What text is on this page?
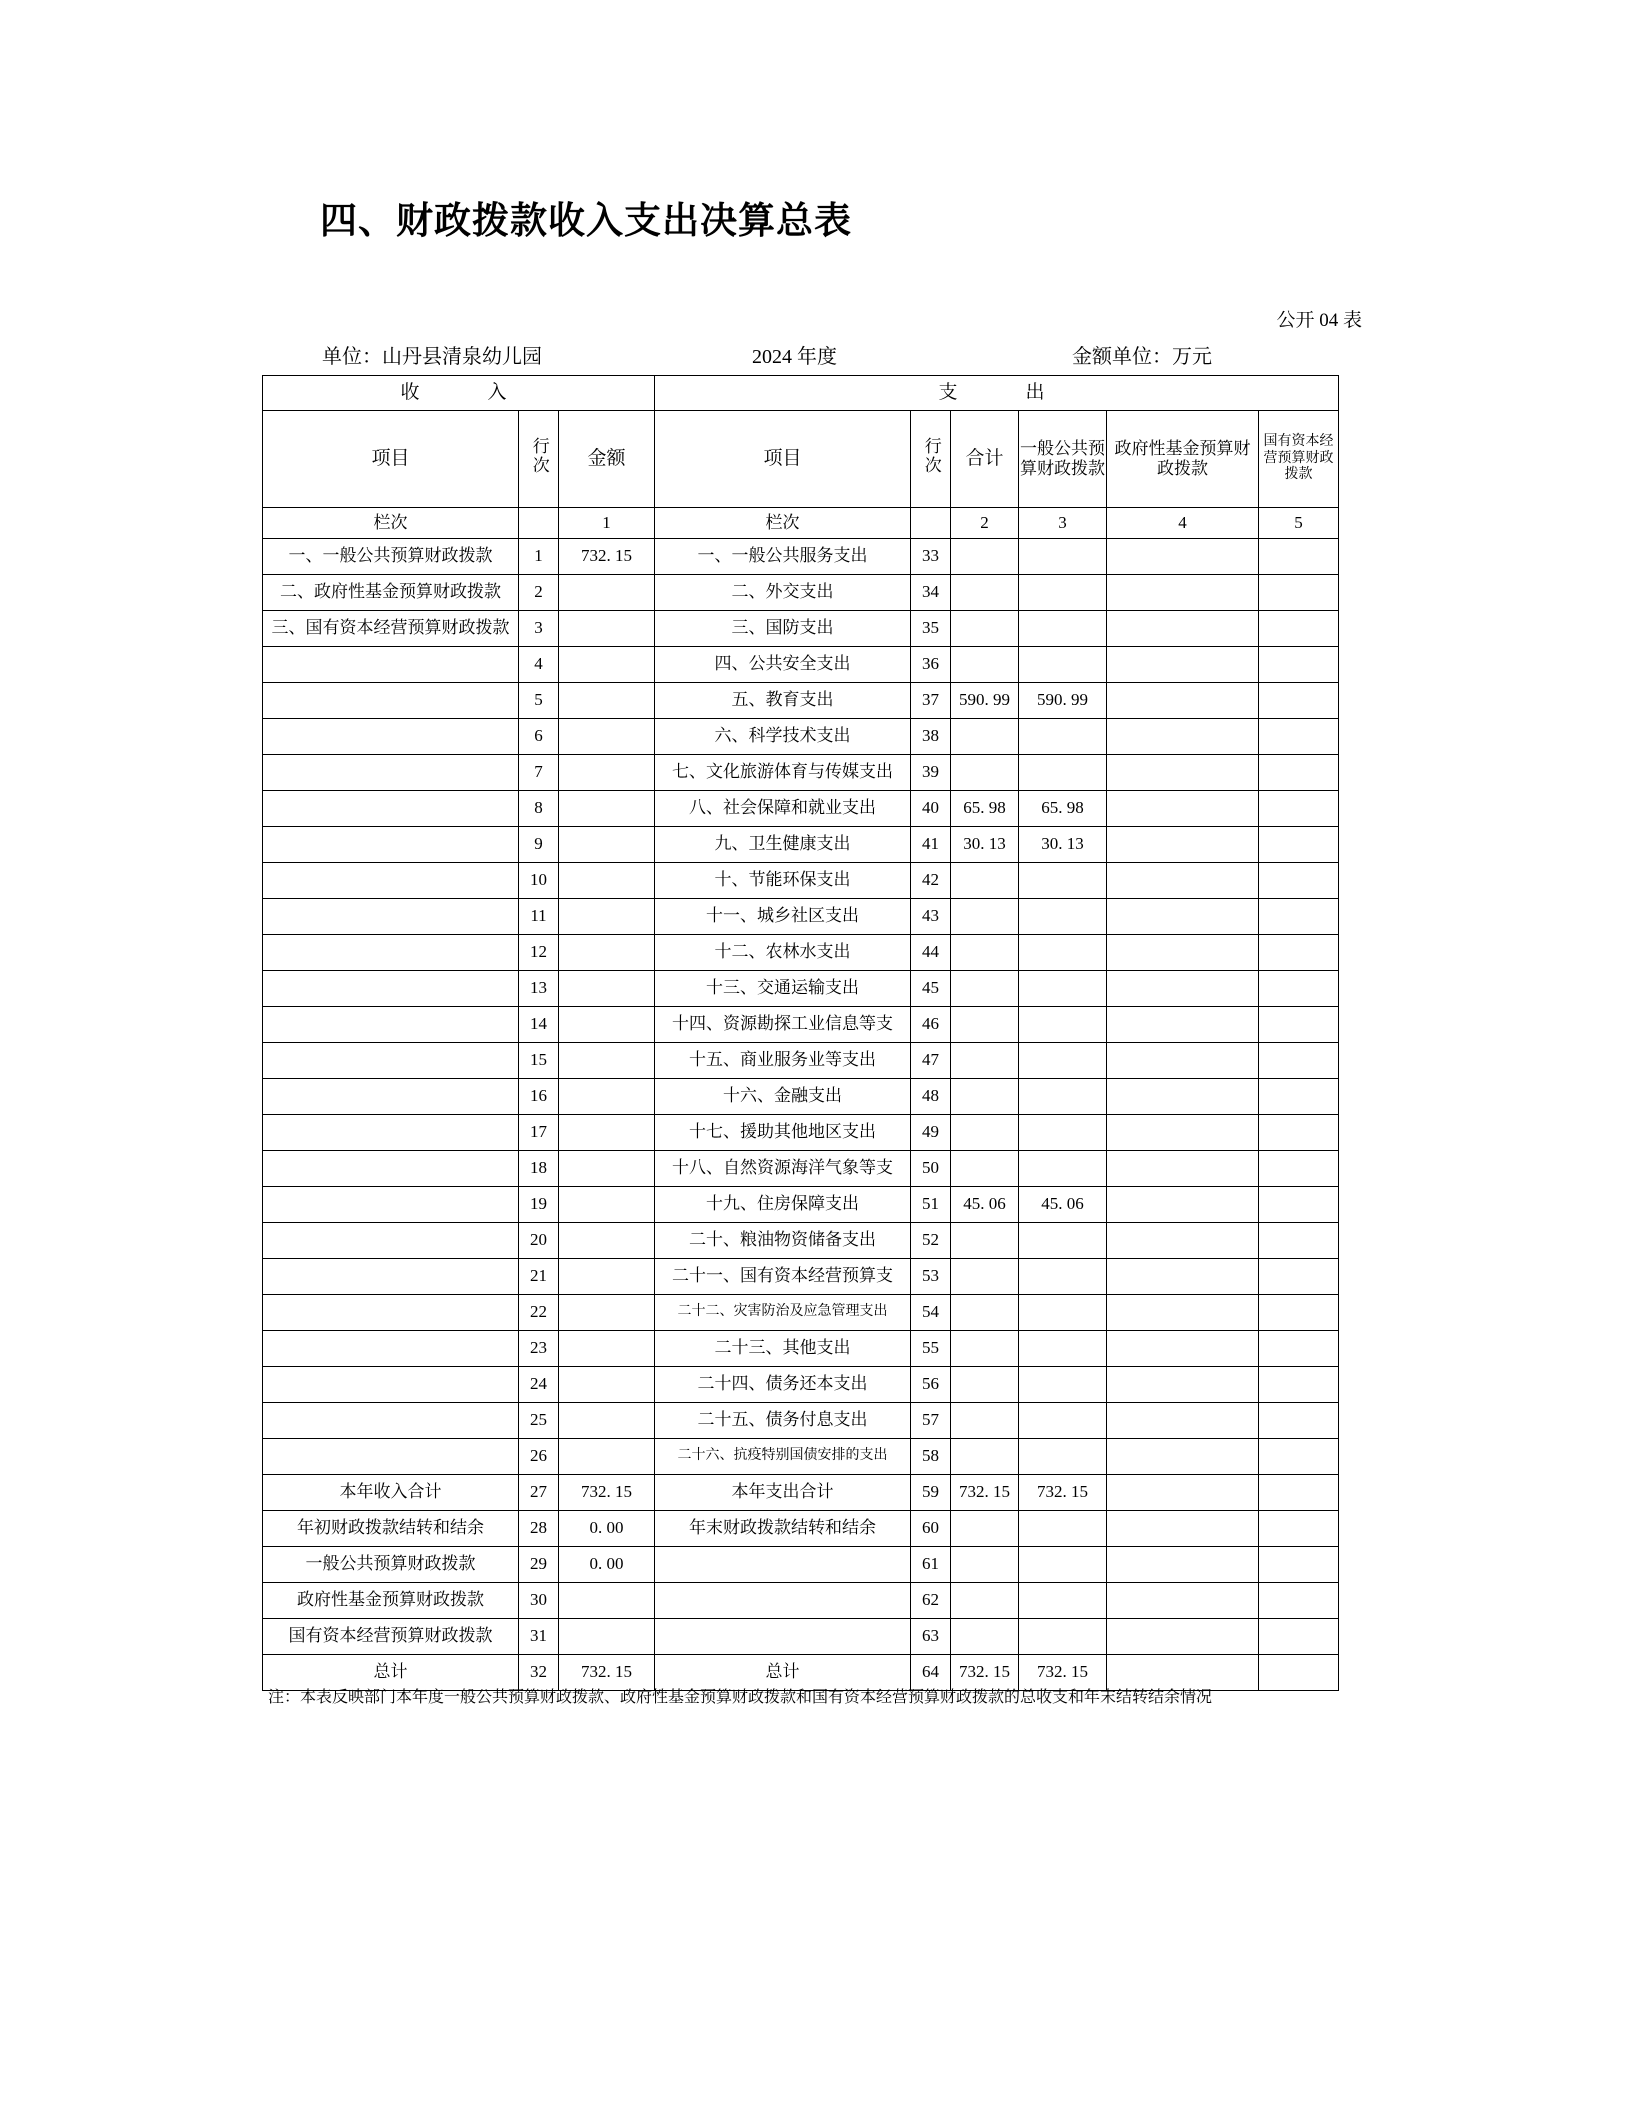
四、财政拨款收入支出决算总表
公开 04 表
单位：山丹县清泉幼儿园	2024 年度	金额单位：万元
收　　入			支　　出					
项目	行次	金额	项目	行次	合计	一般公共预算财政拨款	政府性基金预算财政拨款	国有资本经营预算财政拨款
栏次		1	栏次		2	3	4	5
一、一般公共预算财政拨款	1	732. 15	一、一般公共服务支出	33				
二、政府性基金预算财政拨款	2		二、外交支出	34				
三、国有资本经营预算财政拨款	3		三、国防支出	35				
	4		四、公共安全支出	36				
	5		五、教育支出	37	590. 99	590. 99		
	6		六、科学技术支出	38				
	7		七、文化旅游体育与传媒支出	39				
	8		八、社会保障和就业支出	40	65. 98	65. 98		
	9		九、卫生健康支出	41	30. 13	30. 13		
	10		十、节能环保支出	42				
	11		十一、城乡社区支出	43				
	12		十二、农林水支出	44				
	13		十三、交通运输支出	45				
	14		十四、资源勘探工业信息等支	46				
	15		十五、商业服务业等支出	47				
	16		十六、金融支出	48				
	17		十七、援助其他地区支出	49				
	18		十八、自然资源海洋气象等支	50				
	19		十九、住房保障支出	51	45. 06	45. 06		
	20		二十、粮油物资储备支出	52				
	21		二十一、国有资本经营预算支	53				
	22		二十二、灾害防治及应急管理支出	54				
	23		二十三、其他支出	55				
	24		二十四、债务还本支出	56				
	25		二十五、债务付息支出	57				
	26		二十六、抗疫特别国债安排的支出	58				
本年收入合计	27	732. 15	本年支出合计	59	732. 15	732. 15		
年初财政拨款结转和结余	28	0. 00	年末财政拨款结转和结余	60				
一般公共预算财政拨款	29	0. 00		61				
政府性基金预算财政拨款	30			62				
国有资本经营预算财政拨款	31			63				
总计	32	732. 15	总计	64	732. 15	732. 15		
注：本表反映部门本年度一般公共预算财政拨款、政府性基金预算财政拨款和国有资本经营预算财政拨款的总收支和年末结转结余情况
